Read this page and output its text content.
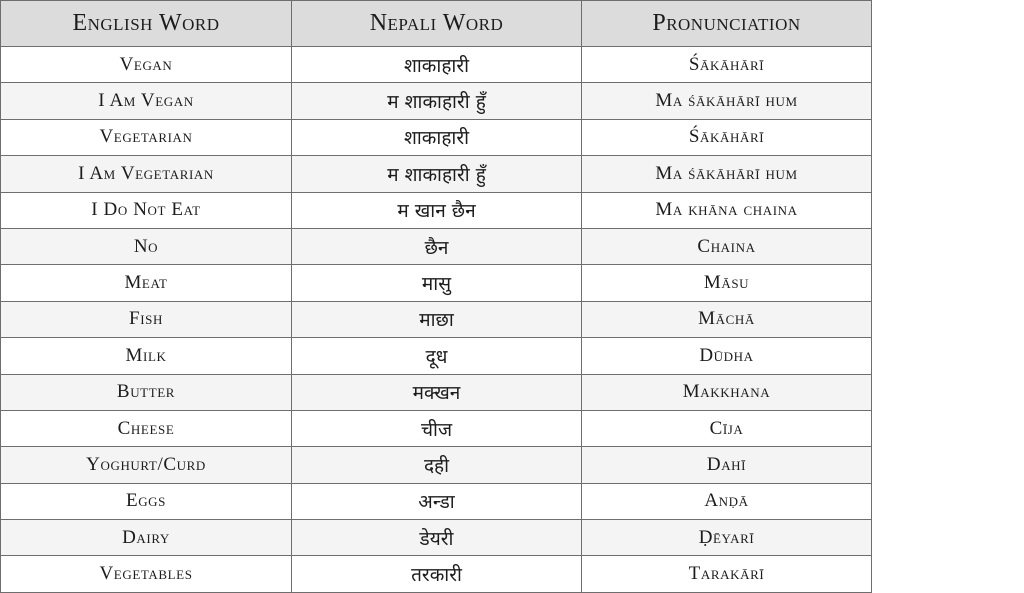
English Word	Nepali Word	Pronunciation
Vegan	शाकाहारी	Śākāhārī
I Am Vegan	म शाकाहारी हुँ	Ma śākāhārī hum
Vegetarian	शाकाहारी	Śākāhārī
I Am Vegetarian	म शाकाहारी हुँ	Ma śākāhārī hum
I Do Not Eat	म खान छैन	Ma khāna chaina
No	छैन	Chaina
Meat	मासु	Māsu
Fish	माछा	Māchā
Milk	दूध	Dūdha
Butter	मक्खन	Makkhana
Cheese	चीज	Cīja
Yoghurt/Curd	दही	Dahī
Eggs	अन्डा	Anḍā
Dairy	डेयरी	Ḍēyarī
Vegetables	तरकारी	Tarakārī
